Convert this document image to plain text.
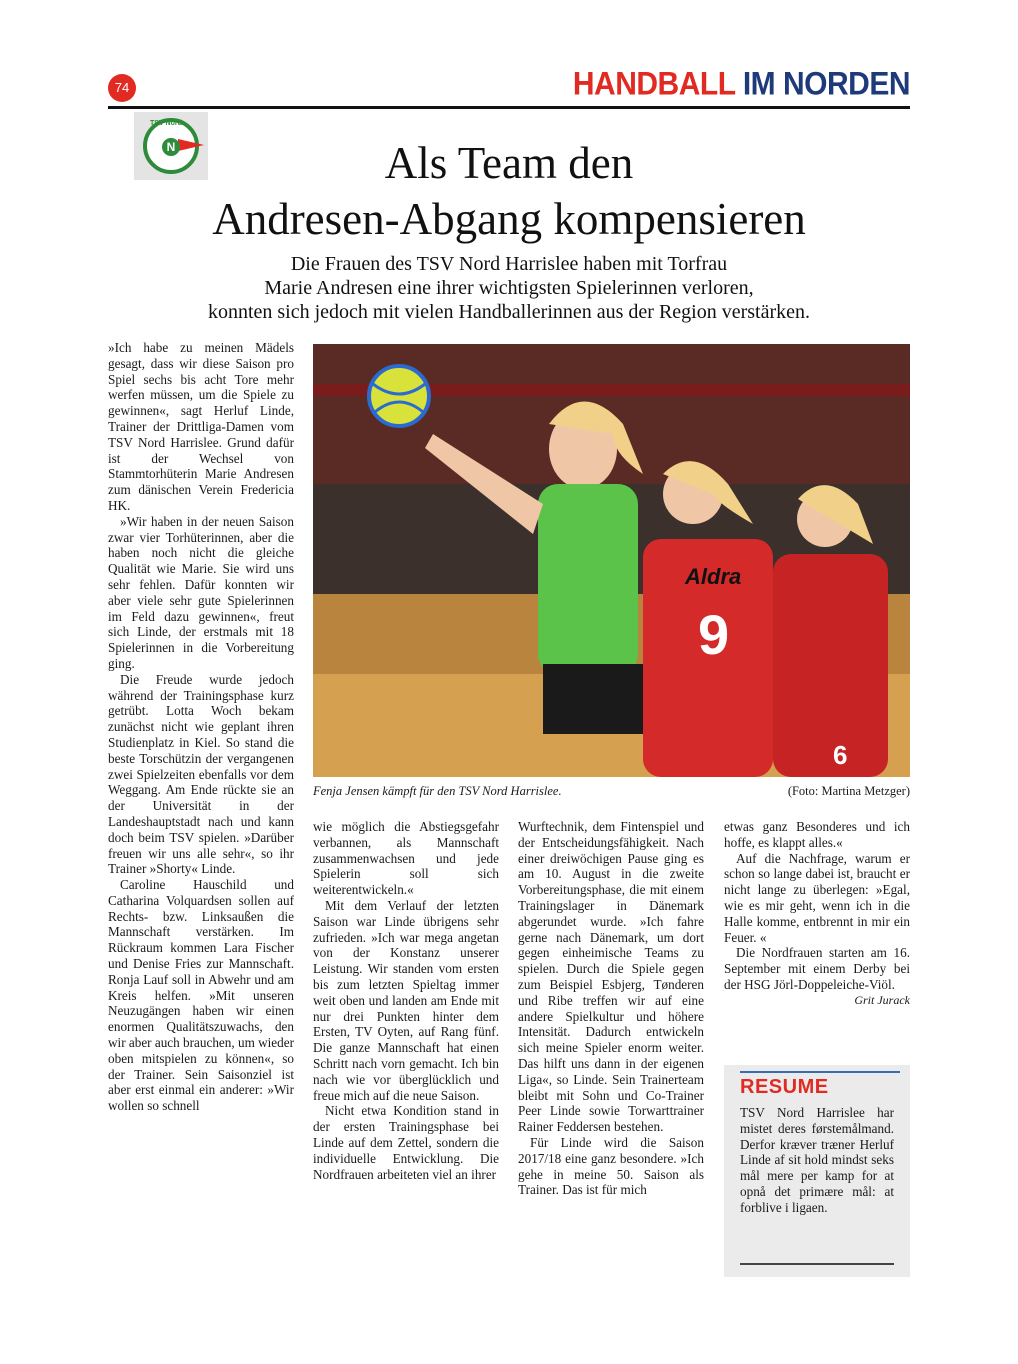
74	HANDBALL IM NORDEN
TSV Nord
N	Als Team den
Andresen-Abgang kompensieren
Die Frauen des TSV Nord Harrislee haben mit Torfrau
Marie Andresen eine ihrer wichtigsten Spielerinnen verloren,
konnten sich jedoch mit vielen Handballerinnen aus der Region verstärken.

»Ich habe zu meinen Mädels gesagt, dass wir diese Saison pro Spiel sechs bis acht Tore mehr werfen müssen, um die Spiele zu gewinnen«, sagt Herluf Linde, Trainer der Drittliga-Damen vom TSV Nord Harrislee. Grund dafür ist der Wechsel von Stammtorhüterin Marie Andresen zum dänischen Verein Fredericia HK.

»Wir haben in der neuen Saison zwar vier Torhüterinnen, aber die haben noch nicht die gleiche Qualität wie Marie. Sie wird uns sehr fehlen. Dafür konnten wir aber viele sehr gute Spielerinnen im Feld dazu gewinnen«, freut sich Linde, der erstmals mit 18 Spielerinnen in die Vorbereitung ging.

Die Freude wurde jedoch während der Trainingsphase kurz getrübt. Lotta Woch bekam zunächst nicht wie geplant ihren Studienplatz in Kiel. So stand die beste Torschützin der vergangenen zwei Spielzeiten ebenfalls vor dem Weggang. Am Ende rückte sie an der Universität in der Landeshauptstadt nach und kann doch beim TSV spielen. »Darüber freuen wir uns alle sehr«, so ihr Trainer »Shorty« Linde.

Caroline Hauschild und Catharina Volquardsen sollen auf Rechts- bzw. Linksaußen die Mannschaft verstärken. Im Rückraum kommen Lara Fischer und Denise Fries zur Mannschaft. Ronja Lauf soll in Abwehr und am Kreis helfen. »Mit unseren Neuzugängen haben wir einen enormen Qualitätszuwachs, den wir aber auch brauchen, um wieder oben mitspielen zu können«, so der Trainer. Sein Saisonziel ist aber erst einmal ein anderer: »Wir wollen so schnell

Aldra
9
6
Fenja Jensen kämpft für den TSV Nord Harrislee.	(Foto: Martina Metzger)

wie möglich die Abstiegsgefahr verbannen, als Mannschaft zusammenwachsen und jede Spielerin soll sich weiterentwickeln.«

Mit dem Verlauf der letzten Saison war Linde übrigens sehr zufrieden. »Ich war mega angetan von der Konstanz unserer Leistung. Wir standen vom ersten bis zum letzten Spieltag immer weit oben und landen am Ende mit nur drei Punkten hinter dem Ersten, TV Oyten, auf Rang fünf. Die ganze Mannschaft hat einen Schritt nach vorn gemacht. Ich bin nach wie vor überglücklich und freue mich auf die neue Saison.

Nicht etwa Kondition stand in der ersten Trainingsphase bei Linde auf dem Zettel, sondern die individuelle Entwicklung. Die Nordfrauen arbeiteten viel an ihrer

Wurftechnik, dem Fintenspiel und der Entscheidungsfähigkeit. Nach einer dreiwöchigen Pause ging es am 10. August in die zweite Vorbereitungsphase, die mit einem Trainingslager in Dänemark abgerundet wurde. »Ich fahre gerne nach Dänemark, um dort gegen einheimische Teams zu spielen. Durch die Spiele gegen zum Beispiel Esbjerg, Tønderen und Ribe treffen wir auf eine andere Spielkultur und höhere Intensität. Dadurch entwickeln sich meine Spieler enorm weiter. Das hilft uns dann in der eigenen Liga«, so Linde. Sein Trainerteam bleibt mit Sohn und Co-Trainer Peer Linde sowie Torwarttrainer Rainer Feddersen bestehen.

Für Linde wird die Saison 2017/18 eine ganz besondere. »Ich gehe in meine 50. Saison als Trainer. Das ist für mich

etwas ganz Besonderes und ich hoffe, es klappt alles.«

Auf die Nachfrage, warum er schon so lange dabei ist, braucht er nicht lange zu überlegen: »Egal, wie es mir geht, wenn ich in die Halle komme, entbrennt in mir ein Feuer. «

Die Nordfrauen starten am 16. September mit einem Derby bei der HSG Jörl-Doppeleiche-Viöl.
Grit Jurack

RESUME
TSV Nord Harrislee har mistet deres førstemålmand. Derfor kræver træner Herluf Linde af sit hold mindst seks mål mere per kamp for at opnå det primære mål: at forblive i ligaen.
